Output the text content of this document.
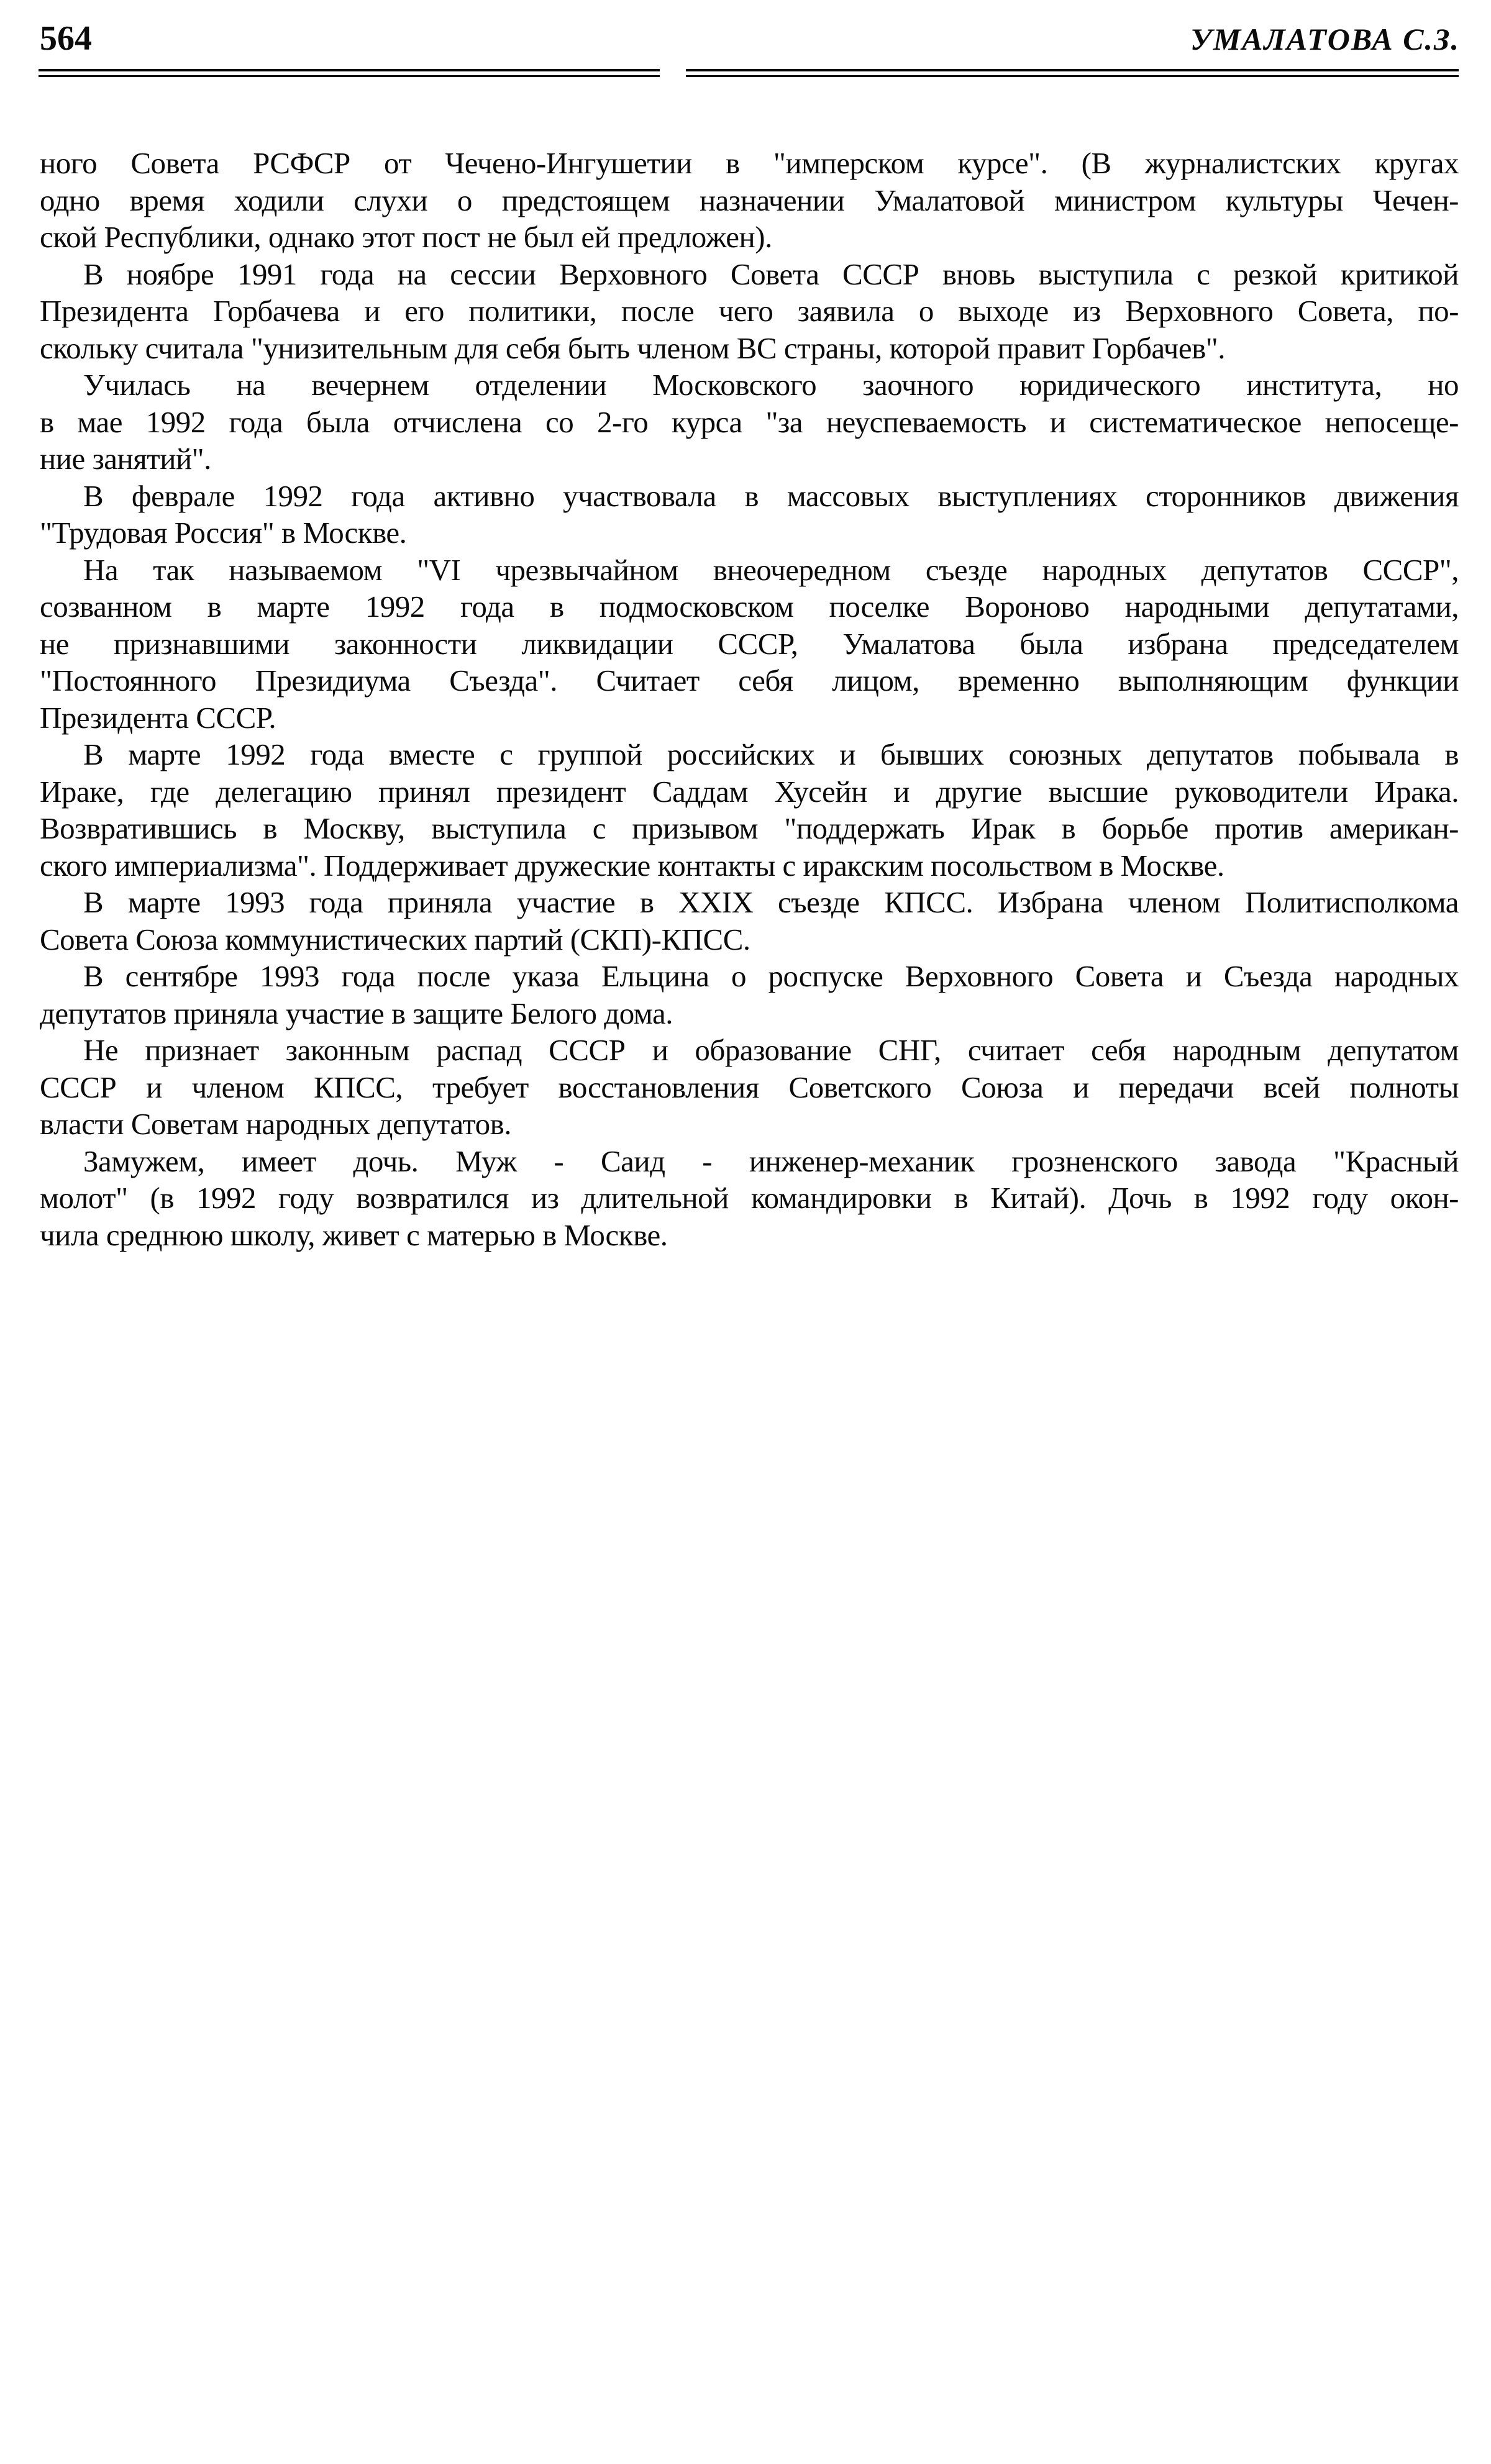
564	УМАЛАТОВА С.З.
ного Совета РСФСР от Чечено-Ингушетии в "имперском курсе". (В журналистских кругах
одно время ходили слухи о предстоящем назначении Умалатовой министром культуры Чечен-
ской Республики, однако этот пост не был ей предложен).
В ноябре 1991 года на сессии Верховного Совета СССР вновь выступила с резкой критикой
Президента Горбачева и его политики, после чего заявила о выходе из Верховного Совета, по-
скольку считала "унизительным для себя быть членом ВС страны, которой правит Горбачев".
Училась на вечернем отделении Московского заочного юридического института, но
в мае 1992 года была отчислена со 2-го курса "за неуспеваемость и систематическое непосеще-
ние занятий".
В феврале 1992 года активно участвовала в массовых выступлениях сторонников движения
"Трудовая Россия" в Москве.
На так называемом "VI чрезвычайном внеочередном съезде народных депутатов СССР",
созванном в марте 1992 года в подмосковском поселке Вороново народными депутатами,
не признавшими законности ликвидации СССР, Умалатова была избрана председателем
"Постоянного Президиума Съезда". Считает себя лицом, временно выполняющим функции
Президента СССР.
В марте 1992 года вместе с группой российских и бывших союзных депутатов побывала в
Ираке, где делегацию принял президент Саддам Хусейн и другие высшие руководители Ирака.
Возвратившись в Москву, выступила с призывом "поддержать Ирак в борьбе против американ-
ского империализма". Поддерживает дружеские контакты с иракским посольством в Москве.
В марте 1993 года приняла участие в XXIX съезде КПСС. Избрана членом Политисполкома
Совета Союза коммунистических партий (СКП)-КПСС.
В сентябре 1993 года после указа Ельцина о роспуске Верховного Совета и Съезда народных
депутатов приняла участие в защите Белого дома.
Не признает законным распад СССР и образование СНГ, считает себя народным депутатом
СССР и членом КПСС, требует восстановления Советского Союза и передачи всей полноты
власти Советам народных депутатов.
Замужем, имеет дочь. Муж - Саид - инженер-механик грозненского завода "Красный
молот" (в 1992 году возвратился из длительной командировки в Китай). Дочь в 1992 году окон-
чила среднюю школу, живет с матерью в Москве.
